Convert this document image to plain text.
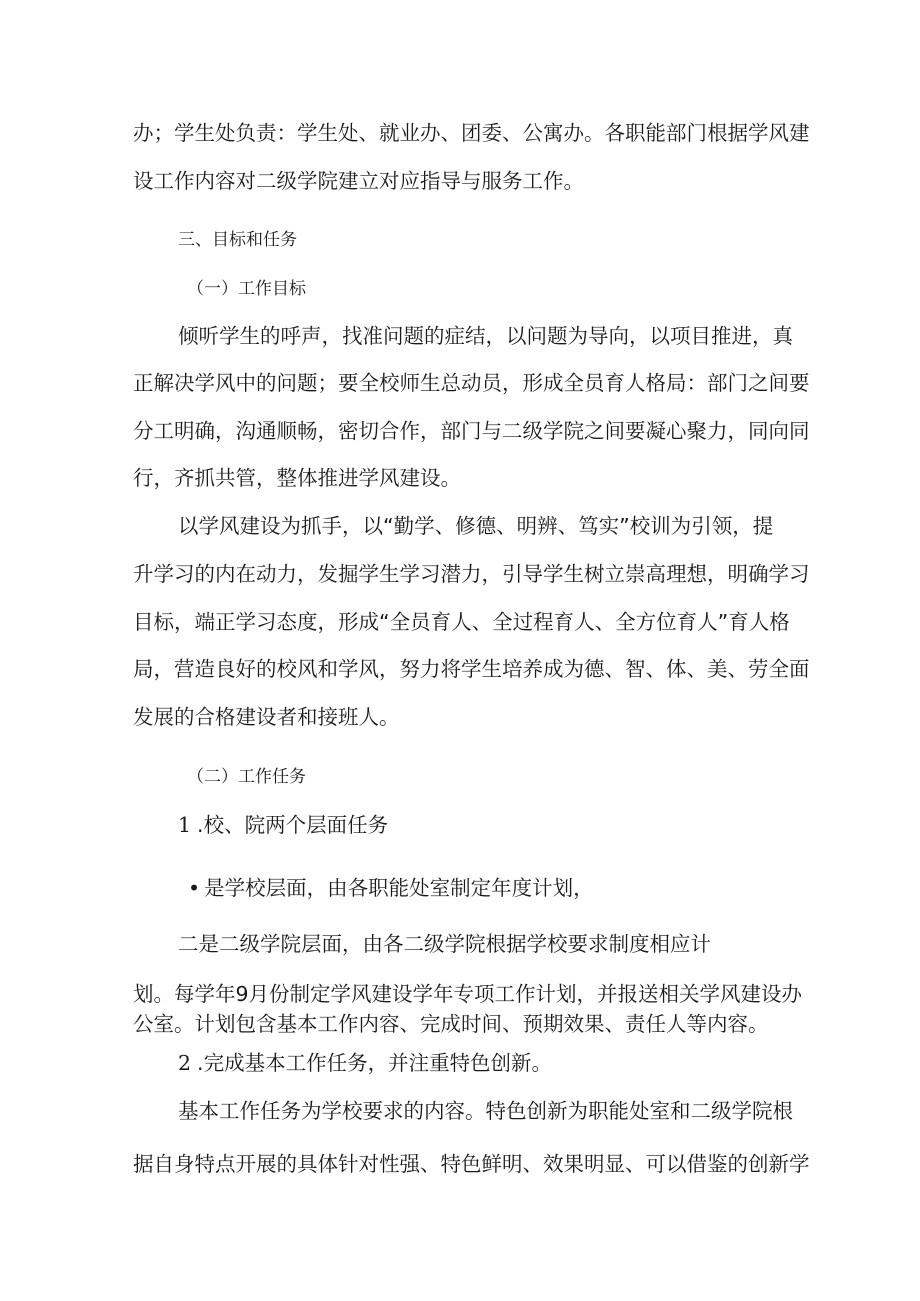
办；学生处负责：学生处、就业办、团委、公寓办。各职能部门根据学风建

设工作内容对二级学院建立对应指导与服务工作。

三、目标和任务

（一）工作目标

倾听学生的呼声，找准问题的症结，以问题为导向，以项目推进，真

正解决学风中的问题；要全校师生总动员，形成全员育人格局：部门之间要

分工明确，沟通顺畅，密切合作，部门与二级学院之间要凝心聚力，同向同

行，齐抓共管，整体推进学风建设。

以学风建设为抓手，以“勤学、修德、明辨、笃实”校训为引领，提

升学习的内在动力，发掘学生学习潜力，引导学生树立崇高理想，明确学习

目标，端正学习态度，形成“全员育人、全过程育人、全方位育人”育人格

局，营造良好的校风和学风，努力将学生培养成为德、智、体、美、劳全面

发展的合格建设者和接班人。

（二）工作任务

1 .校、院两个层面任务

• 是学校层面，由各职能处室制定年度计划，

二是二级学院层面，由各二级学院根据学校要求制度相应计

划。每学年9月份制定学风建设学年专项工作计划，并报送相关学风建设办

公室。计划包含基本工作内容、完成时间、预期效果、责任人等内容。

2 .完成基本工作任务，并注重特色创新。

基本工作任务为学校要求的内容。特色创新为职能处室和二级学院根

据自身特点开展的具体针对性强、特色鲜明、效果明显、可以借鉴的创新学
